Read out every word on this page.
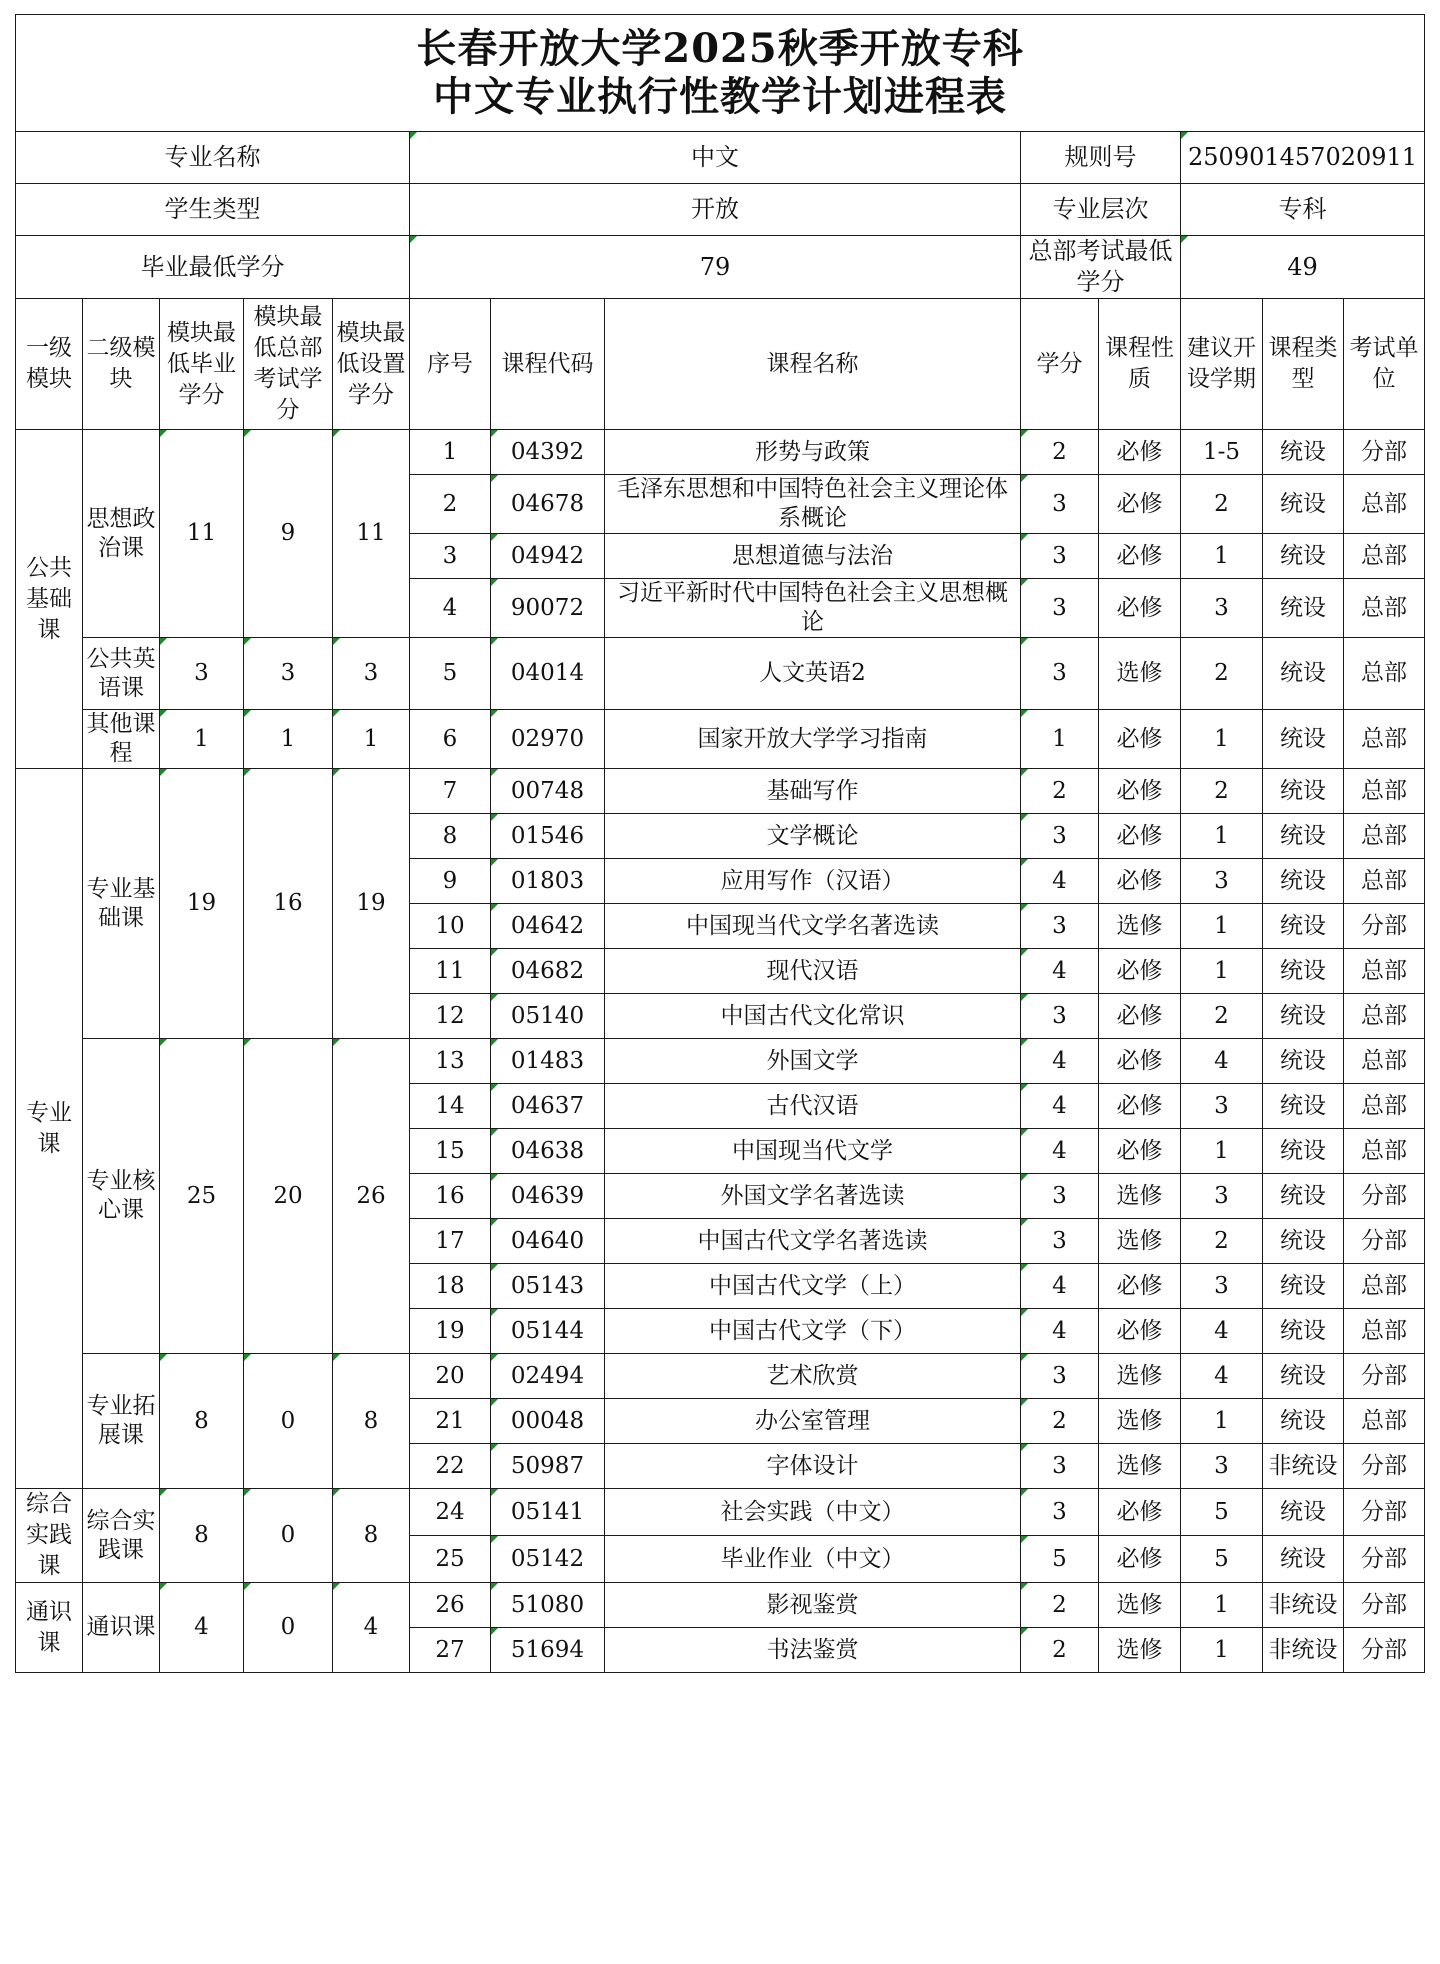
长春开放大学2025秋季开放专科
中文专业执行性教学计划进程表												

专业名称					中文			规则号		250901457020911		
学生类型					开放			专业层次		专科		
毕业最低学分					79			总部考试最低学分		49		
一级模块	二级模块	模块最低毕业学分	模块最低总部考试学分	模块最低设置学分	序号	课程代码	课程名称	学分	课程性质	建议开设学期	课程类型	考试单位
公共基础课	思想政治课	11	9	11	1	04392	形势与政策	2	必修	1-5	统设	分部
					2	04678	毛泽东思想和中国特色社会主义理论体系概论	3	必修	2	统设	总部
					3	04942	思想道德与法治	3	必修	1	统设	总部
					4	90072	习近平新时代中国特色社会主义思想概论	3	必修	3	统设	总部
	公共英语课	3	3	3	5	04014	人文英语2	3	选修	2	统设	总部
	其他课程	1	1	1	6	02970	国家开放大学学习指南	1	必修	1	统设	总部
专业课	专业基础课	19	16	19	7	00748	基础写作	2	必修	2	统设	总部
					8	01546	文学概论	3	必修	1	统设	总部
					9	01803	应用写作（汉语）	4	必修	3	统设	总部
					10	04642	中国现当代文学名著选读	3	选修	1	统设	分部
					11	04682	现代汉语	4	必修	1	统设	总部
					12	05140	中国古代文化常识	3	必修	2	统设	总部
	专业核心课	25	20	26	13	01483	外国文学	4	必修	4	统设	总部
					14	04637	古代汉语	4	必修	3	统设	总部
					15	04638	中国现当代文学	4	必修	1	统设	总部
					16	04639	外国文学名著选读	3	选修	3	统设	分部
					17	04640	中国古代文学名著选读	3	选修	2	统设	分部
					18	05143	中国古代文学（上）	4	必修	3	统设	总部
					19	05144	中国古代文学（下）	4	必修	4	统设	总部
	专业拓展课	8	0	8	20	02494	艺术欣赏	3	选修	4	统设	分部
					21	00048	办公室管理	2	选修	1	统设	总部
					22	50987	字体设计	3	选修	3	非统设	分部
综合实践课	综合实践课	8	0	8	24	05141	社会实践（中文）	3	必修	5	统设	分部
					25	05142	毕业作业（中文）	5	必修	5	统设	分部
通识课	通识课	4	0	4	26	51080	影视鉴赏	2	选修	1	非统设	分部
					27	51694	书法鉴赏	2	选修	1	非统设	分部
